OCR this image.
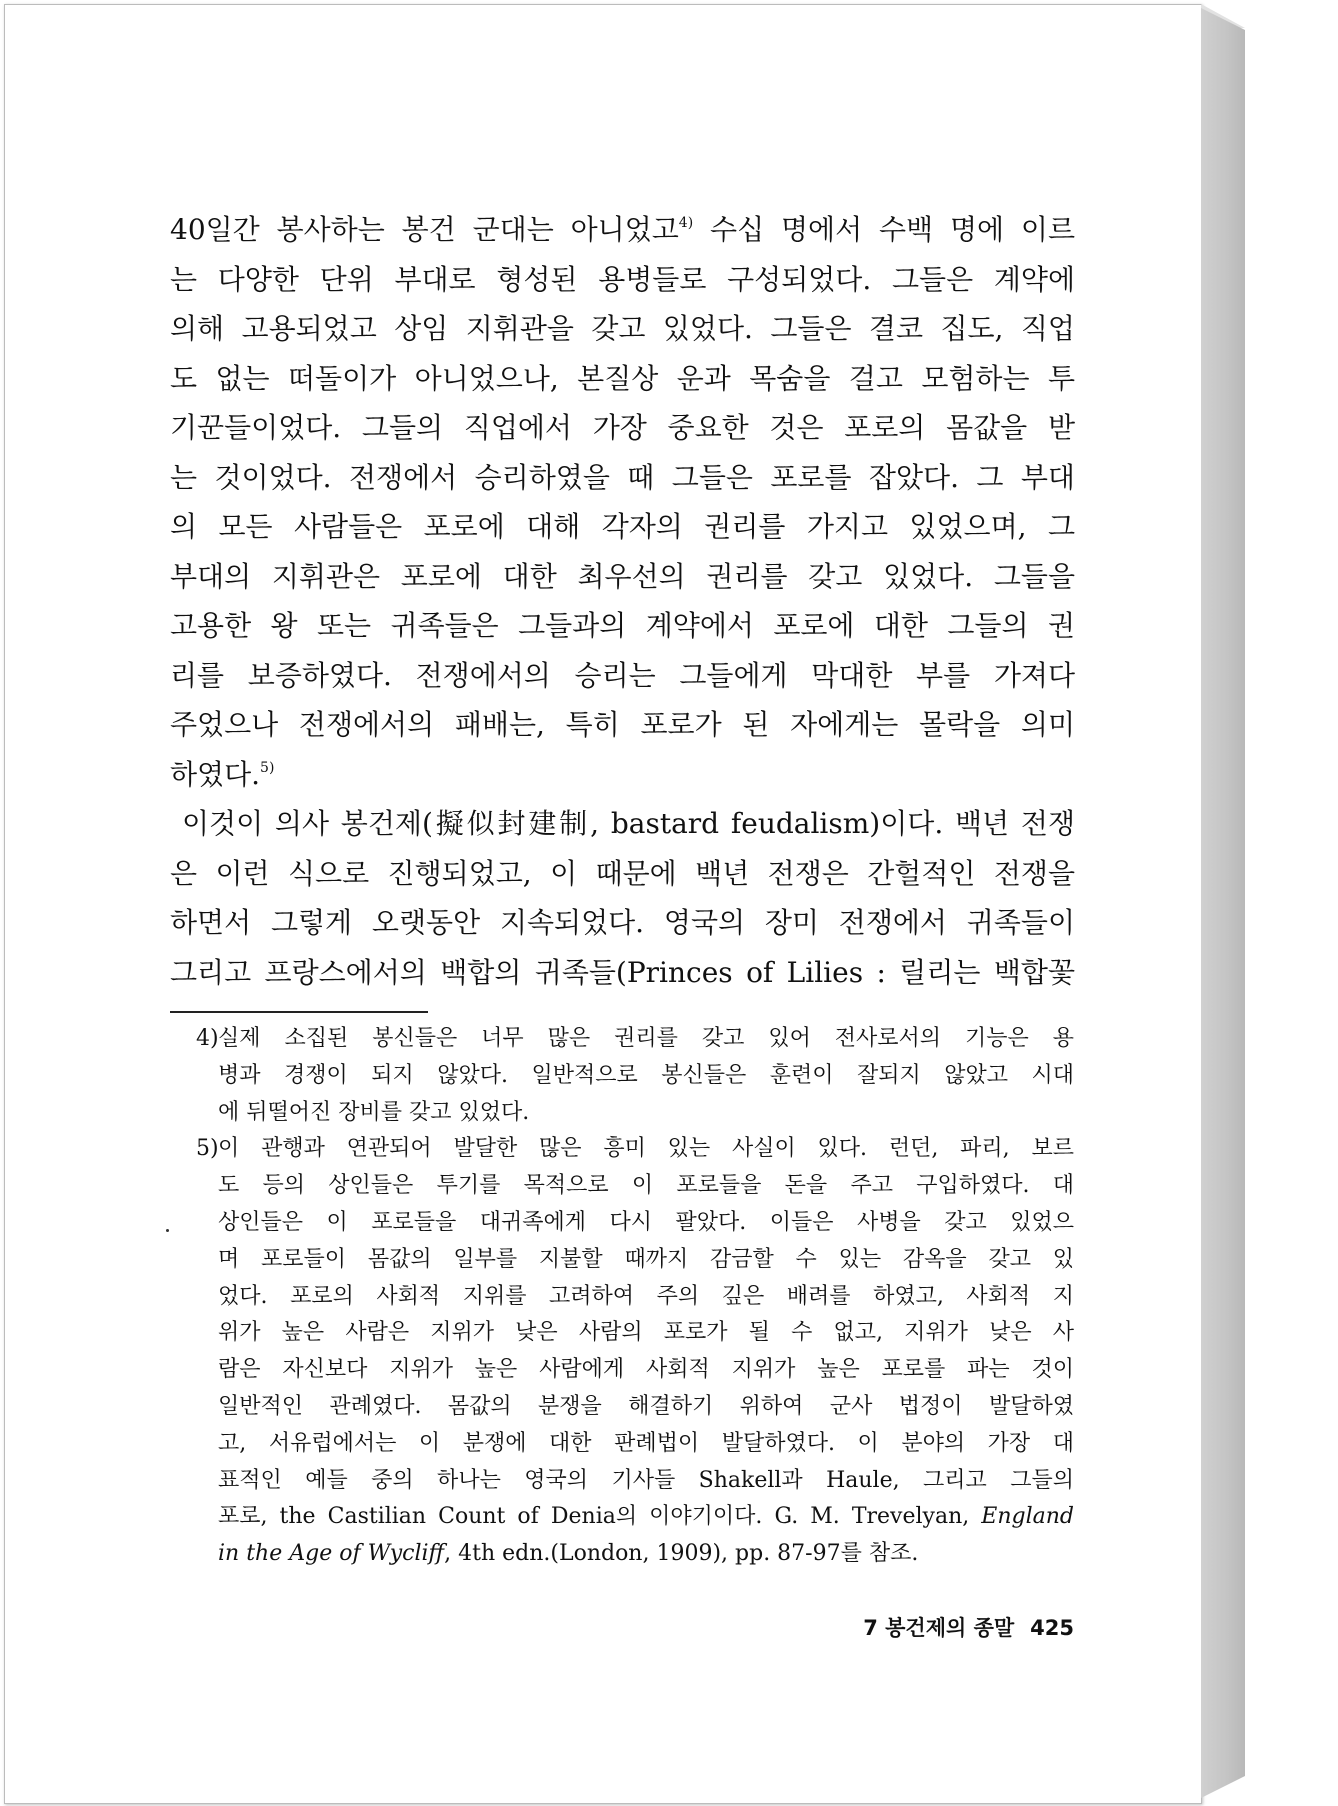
40일간 봉사하는 봉건 군대는 아니었고$^{4)}$ 수십 명에서 수백 명에 이르
는 다양한 단위 부대로 형성된 용병들로 구성되었다. 그들은 계약에
의해 고용되었고 상임 지휘관을 갖고 있었다. 그들은 결코 집도, 직업
도 없는 떠돌이가 아니었으나, 본질상 운과 목숨을 걸고 모험하는 투
기꾼들이었다. 그들의 직업에서 가장 중요한 것은 포로의 몸값을 받
는 것이었다. 전쟁에서 승리하였을 때 그들은 포로를 잡았다. 그 부대
의 모든 사람들은 포로에 대해 각자의 권리를 가지고 있었으며, 그
부대의 지휘관은 포로에 대한 최우선의 권리를 갖고 있었다. 그들을
고용한 왕 또는 귀족들은 그들과의 계약에서 포로에 대한 그들의 권
리를 보증하였다. 전쟁에서의 승리는 그들에게 막대한 부를 가져다
주었으나 전쟁에서의 패배는, 특히 포로가 된 자에게는 몰락을 의미
하였다.$^{5)}$
이것이 의사 봉건제(擬似封建制, bastard feudalism)이다. 백년 전쟁
은 이런 식으로 진행되었고, 이 때문에 백년 전쟁은 간헐적인 전쟁을
하면서 그렇게 오랫동안 지속되었다. 영국의 장미 전쟁에서 귀족들이
그리고 프랑스에서의 백합의 귀족들(Princes of Lilies : 릴리는 백합꽃
4) 실제 소집된 봉신들은 너무 많은 권리를 갖고 있어 전사로서의 기능은 용
병과 경쟁이 되지 않았다. 일반적으로 봉신들은 훈련이 잘되지 않았고 시대
에 뒤떨어진 장비를 갖고 있었다.
5) 이 관행과 연관되어 발달한 많은 흥미 있는 사실이 있다. 런던, 파리, 보르
도 등의 상인들은 투기를 목적으로 이 포로들을 돈을 주고 구입하였다. 대
상인들은 이 포로들을 대귀족에게 다시 팔았다. 이들은 사병을 갖고 있었으
며 포로들이 몸값의 일부를 지불할 때까지 감금할 수 있는 감옥을 갖고 있
었다. 포로의 사회적 지위를 고려하여 주의 깊은 배려를 하였고, 사회적 지
위가 높은 사람은 지위가 낮은 사람의 포로가 될 수 없고, 지위가 낮은 사
람은 자신보다 지위가 높은 사람에게 사회적 지위가 높은 포로를 파는 것이
일반적인 관례였다. 몸값의 분쟁을 해결하기 위하여 군사 법정이 발달하였
고, 서유럽에서는 이 분쟁에 대한 판례법이 발달하였다. 이 분야의 가장 대
표적인 예들 중의 하나는 영국의 기사들 Shakell과 Haule, 그리고 그들의
포로, the Castilian Count of Denia의 이야기이다. G. M. Trevelyan, England
in the Age of Wycliff, 4th edn.(London, 1909), pp. 87-97를 참조.
7 봉건제의 종말 425
